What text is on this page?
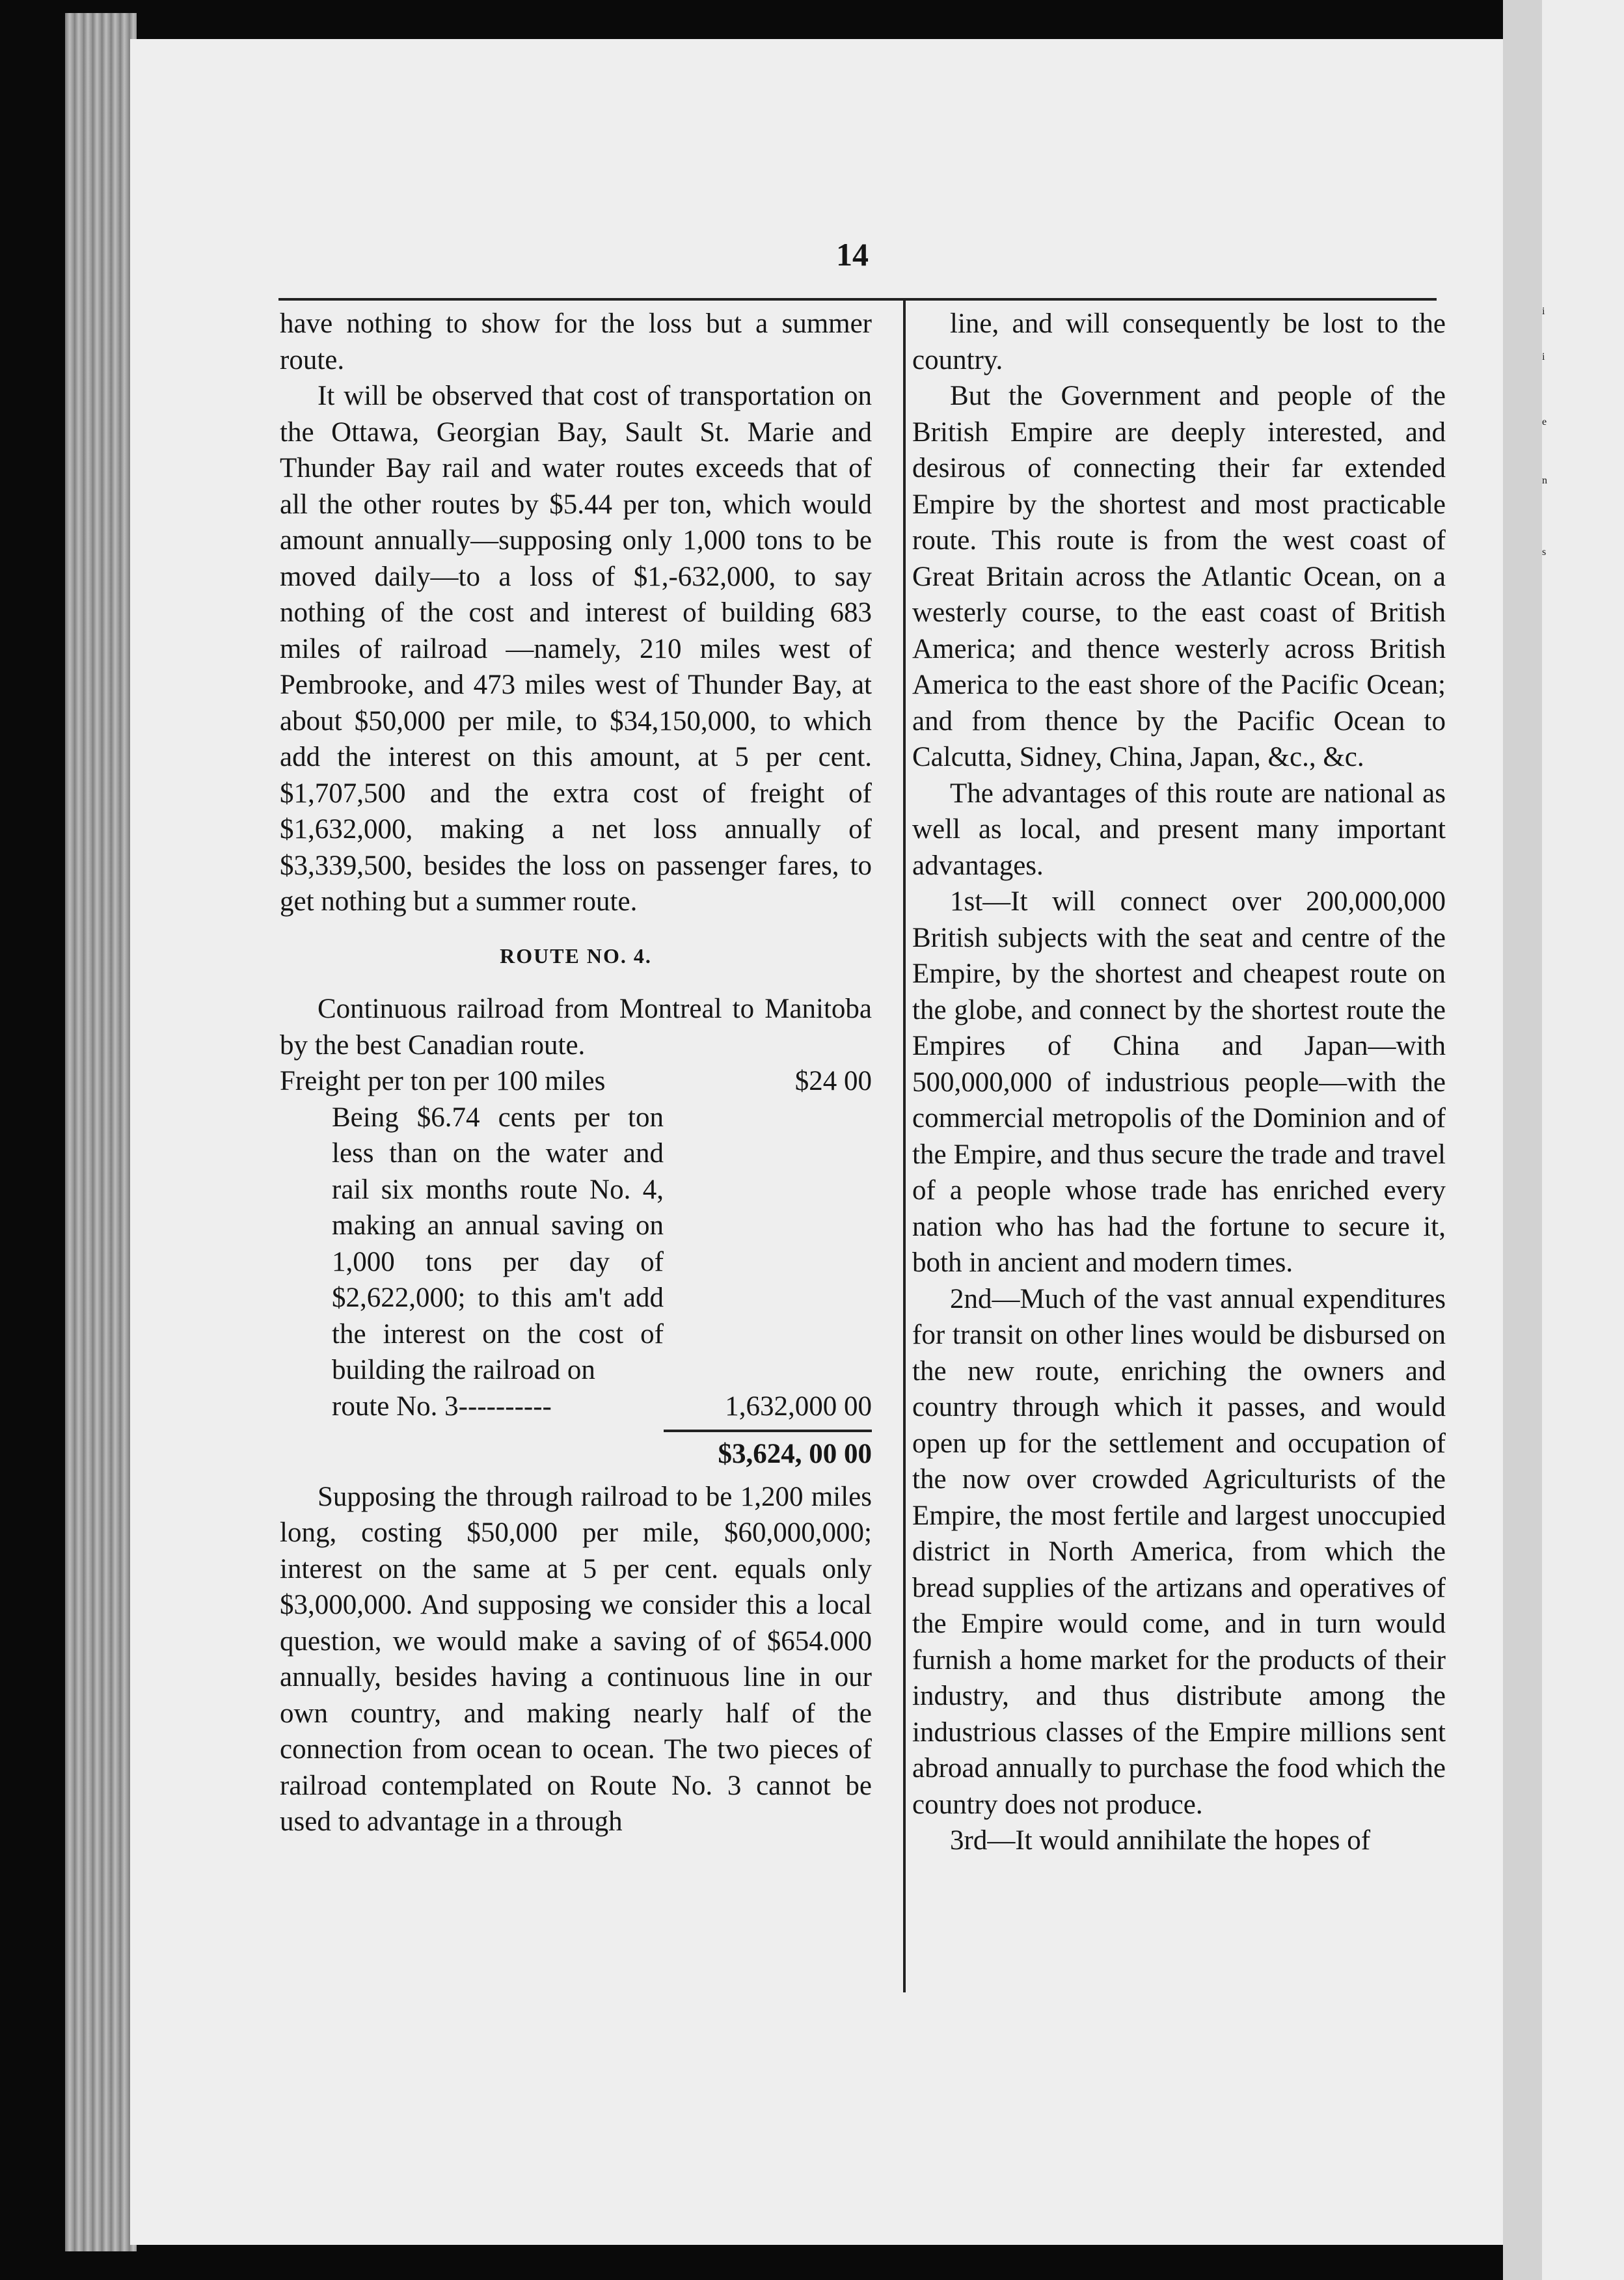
i
i
e
n
s
14

have nothing to show for the loss but a summer route.

It will be observed that cost of transportation on the Ottawa, Georgian Bay, Sault St. Marie and Thunder Bay rail and water routes exceeds that of all the other routes by $5.44 per ton, which would amount annually—supposing only 1,000 tons to be moved daily—to a loss of $1,-632,000, to say nothing of the cost and interest of building 683 miles of railroad —namely, 210 miles west of Pembrooke, and 473 miles west of Thunder Bay, at about $50,000 per mile, to $34,150,000, to which add the interest on this amount, at 5 per cent. $1,707,500 and the extra cost of freight of $1,632,000, making a net loss annually of $3,339,500, besides the loss on passenger fares, to get nothing but a summer route.

ROUTE NO. 4.

Continuous railroad from Montreal to Manitoba by the best Canadian route.

Freight per ton per 100 miles	$24 00
Being $6.74 cents per ton less than on the water and rail six months route No. 4, making an annual saving on 1,000 tons per day of $2,622,000; to this am't add the interest on the cost of building the railroad on
route No. 3----------	1,632,000 00
$3,624, 00 00

Supposing the through railroad to be 1,200 miles long, costing $50,000 per mile, $60,000,000; interest on the same at 5 per cent. equals only $3,000,000. And supposing we consider this a local question, we would make a saving of of $654.000 annually, besides having a continuous line in our own country, and making nearly half of the connection from ocean to ocean. The two pieces of railroad contemplated on Route No. 3 cannot be used to advantage in a through

line, and will consequently be lost to the country.

But the Government and people of the British Empire are deeply interested, and desirous of connecting their far extended Empire by the shortest and most practicable route. This route is from the west coast of Great Britain across the Atlantic Ocean, on a westerly course, to the east coast of British America; and thence westerly across British America to the east shore of the Pacific Ocean; and from thence by the Pacific Ocean to Calcutta, Sidney, China, Japan, &c., &c.

The advantages of this route are national as well as local, and present many important advantages.

1st—It will connect over 200,000,000 British subjects with the seat and centre of the Empire, by the shortest and cheapest route on the globe, and connect by the shortest route the Empires of China and Japan—with 500,000,000 of industrious people—with the commercial metropolis of the Dominion and of the Empire, and thus secure the trade and travel of a people whose trade has enriched every nation who has had the fortune to secure it, both in ancient and modern times.

2nd—Much of the vast annual expenditures for transit on other lines would be disbursed on the new route, enriching the owners and country through which it passes, and would open up for the settlement and occupation of the now over crowded Agriculturists of the Empire, the most fertile and largest unoccupied district in North America, from which the bread supplies of the artizans and operatives of the Empire would come, and in turn would furnish a home market for the products of their industry, and thus distribute among the industrious classes of the Empire millions sent abroad annually to purchase the food which the country does not produce.

3rd—It would annihilate the hopes of
